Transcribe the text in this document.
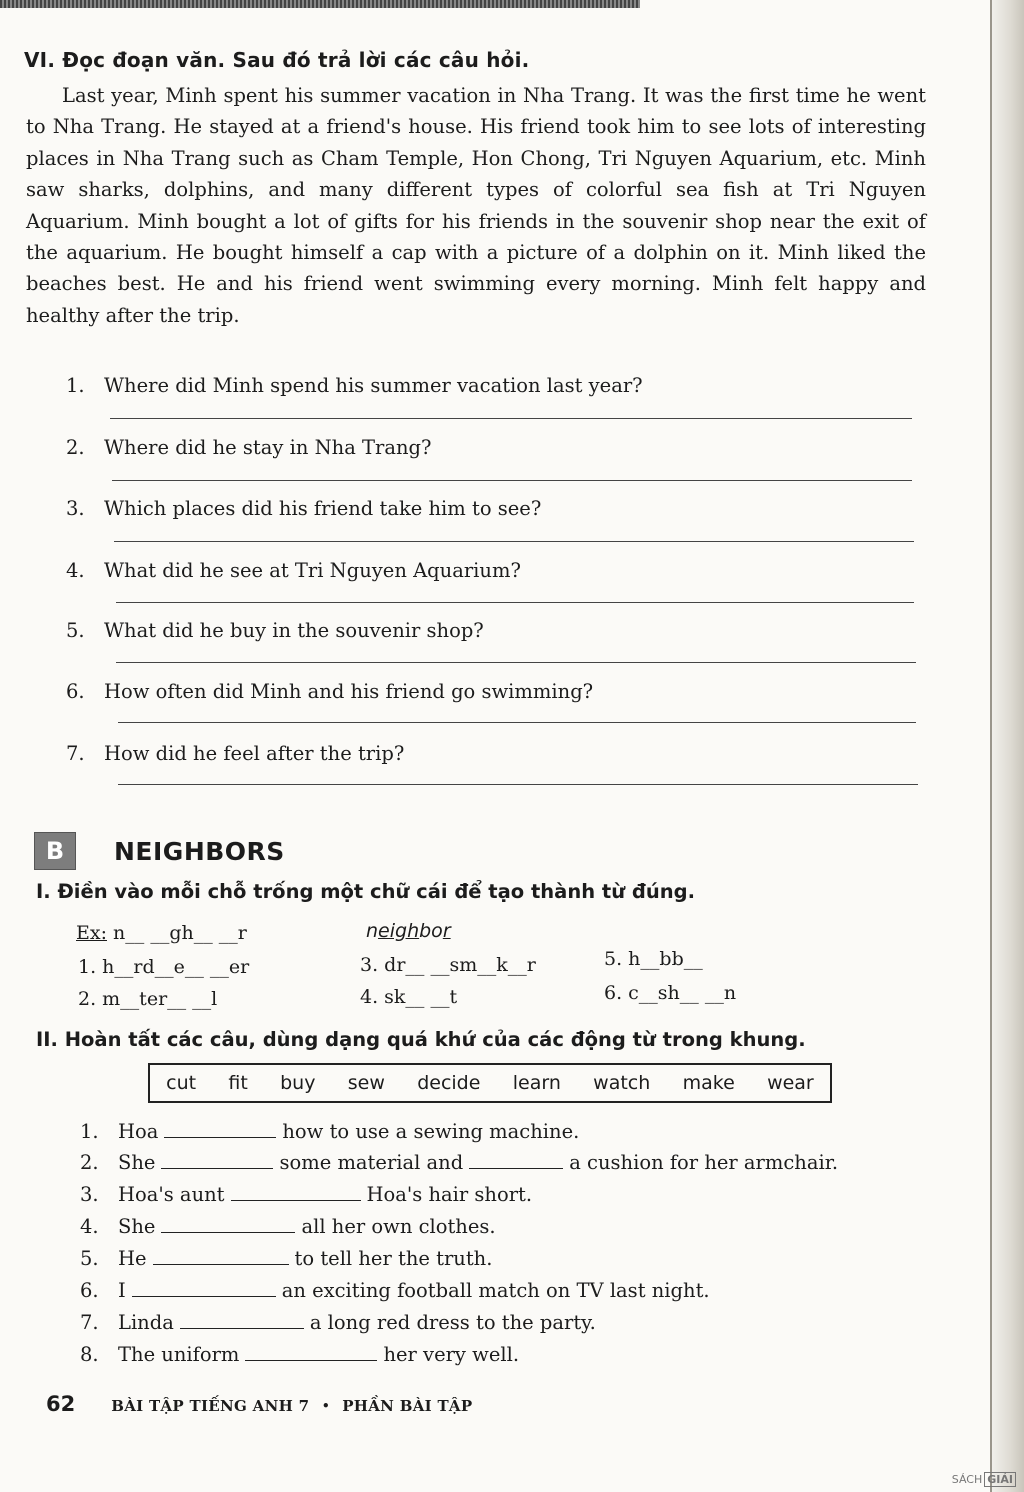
VI. Đọc đoạn văn. Sau đó trả lời các câu hỏi.

Last year, Minh spent his summer vacation in Nha Trang. It was the first time he went to Nha Trang. He stayed at a friend's house. His friend took him to see lots of interesting places in Nha Trang such as Cham Temple, Hon Chong, Tri Nguyen Aquarium, etc. Minh saw sharks, dolphins, and many different types of colorful sea fish at Tri Nguyen Aquarium. Minh bought a lot of gifts for his friends in the souvenir shop near the exit of the aquarium. He bought himself a cap with a picture of a dolphin on it. Minh liked the beaches best. He and his friend went swimming every morning. Minh felt happy and healthy after the trip.

1. Where did Minh spend his summer vacation last year?
2. Where did he stay in Nha Trang?
3. Which places did his friend take him to see?
4. What did he see at Tri Nguyen Aquarium?
5. What did he buy in the souvenir shop?
6. How often did Minh and his friend go swimming?
7. How did he feel after the trip?
B	NEIGHBORS
I. Điền vào mỗi chỗ trống một chữ cái để tạo thành từ đúng.
Ex: n__ __gh__ __r	neighbor
1. h__rd__e__ __er
2. m__ter__ __l
3. dr__ __sm__k__r
4. sk__ __t
5. h__bb__
6. c__sh__ __n
II. Hoàn tất các câu, dùng dạng quá khứ của các động từ trong khung.
cut fit buy sew decide learn watch make wear
1. Hoa	how to use a sewing machine.
2. She	some material and	a cushion for her armchair.
3. Hoa's aunt	Hoa's hair short.
4. She	all her own clothes.
5. He	to tell her the truth.
6. I	an exciting football match on TV last night.
7. Linda	a long red dress to the party.
8. The uniform	her very well.
62 BÀI TẬP TIẾNG ANH 7 • PHẦN BÀI TẬP
SÁCH GIẢI
